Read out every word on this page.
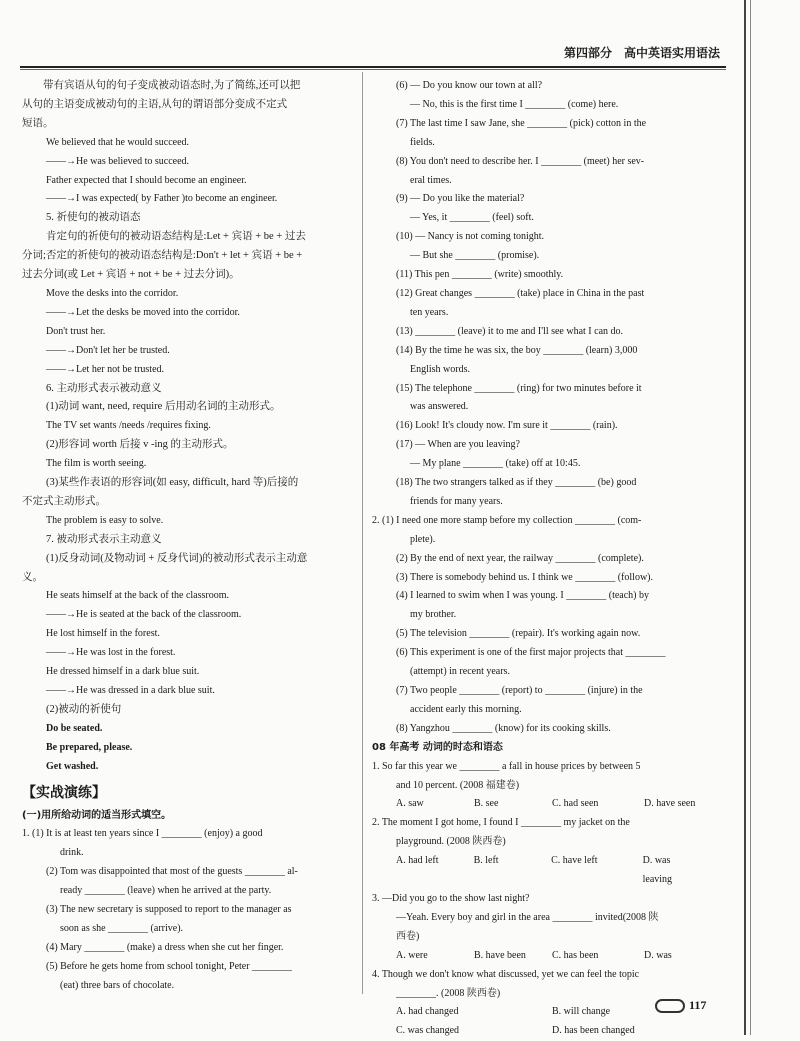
第四部分　高中英语实用语法

　　带有宾语从句的句子变成被动语态时,为了简练,还可以把

从句的主语变成被动句的主语,从句的谓语部分变成不定式

短语。

We believed that he would succeed.

——→He was believed to succeed.

Father expected that I should become an engineer.

——→I was expected( by Father )to become an engineer.

5. 祈使句的被动语态

肯定句的祈使句的被动语态结构是:Let + 宾语 + be + 过去

分词;否定的祈使句的被动语态结构是:Don't + let + 宾语 + be +

过去分词(或 Let + 宾语 + not + be + 过去分词)。

Move the desks into the corridor.

——→Let the desks be moved into the corridor.

Don't trust her.

——→Don't let her be trusted.

——→Let her not be trusted.

6. 主动形式表示被动意义

(1)动词 want, need, require 后用动名词的主动形式。

The TV set wants /needs /requires fixing.

(2)形容词 worth 后接 v -ing 的主动形式。

The film is worth seeing.

(3)某些作表语的形容词(如 easy, difficult, hard 等)后接的

不定式主动形式。

The problem is easy to solve.

7. 被动形式表示主动意义

(1)反身动词(及物动词 + 反身代词)的被动形式表示主动意

义。

He seats himself at the back of the classroom.

——→He is seated at the back of the classroom.

He lost himself in the forest.

——→He was lost in the forest.

He dressed himself in a dark blue suit.

——→He was dressed in a dark blue suit.

(2)被动的祈使句

Do be seated.

Be prepared, please.

Get washed.

【实战演练】

(一)用所给动词的适当形式填空。

1. (1) It is at least ten years since I ________ (enjoy) a good

drink.

(2) Tom was disappointed that most of the guests ________ al-

ready ________ (leave) when he arrived at the party.

(3) The new secretary is supposed to report to the manager as

soon as she ________ (arrive).

(4) Mary ________ (make) a dress when she cut her finger.

(5) Before he gets home from school tonight, Peter ________

(eat) three bars of chocolate.

(6) — Do you know our town at all?

— No, this is the first time I ________ (come) here.

(7) The last time I saw Jane, she ________ (pick) cotton in the

fields.

(8) You don't need to describe her. I ________ (meet) her sev-

eral times.

(9) — Do you like the material?

— Yes, it ________ (feel) soft.

(10) — Nancy is not coming tonight.

— But she ________ (promise).

(11) This pen ________ (write) smoothly.

(12) Great changes ________ (take) place in China in the past

ten years.

(13) ________ (leave) it to me and I'll see what I can do.

(14) By the time he was six, the boy ________ (learn) 3,000

English words.

(15) The telephone ________ (ring) for two minutes before it

was answered.

(16) Look! It's cloudy now. I'm sure it ________ (rain).

(17) — When are you leaving?

— My plane ________ (take) off at 10:45.

(18) The two strangers talked as if they ________ (be) good

friends for many years.

2. (1) I need one more stamp before my collection ________ (com-

plete).

(2) By the end of next year, the railway ________ (complete).

(3) There is somebody behind us. I think we ________ (follow).

(4) I learned to swim when I was young. I ________ (teach) by

my brother.

(5) The television ________ (repair). It's working again now.

(6) This experiment is one of the first major projects that ________

(attempt) in recent years.

(7) Two people ________ (report) to ________ (injure) in the

accident early this morning.

(8) Yangzhou ________ (know) for its cooking skills.

08 年高考 动词的时态和语态

1. So far this year we ________ a fall in house prices by between 5

and 10 percent. (2008 福建卷)

A. saw	B. see	C. had seen	D. have seen

2. The moment I got home, I found I ________ my jacket on the

playground. (2008 陕西卷)

A. had left	B. left	C. have left	D. was leaving

3. —Did you go to the show last night?

—Yeah. Every boy and girl in the area ________ invited(2008 陕

西卷)

A. were	B. have been	C. has been	D. was

4. Though we don't know what discussed, yet we can feel the topic

________. (2008 陕西卷)

A. had changed	B. will change
C. was changed	D. has been changed
117
